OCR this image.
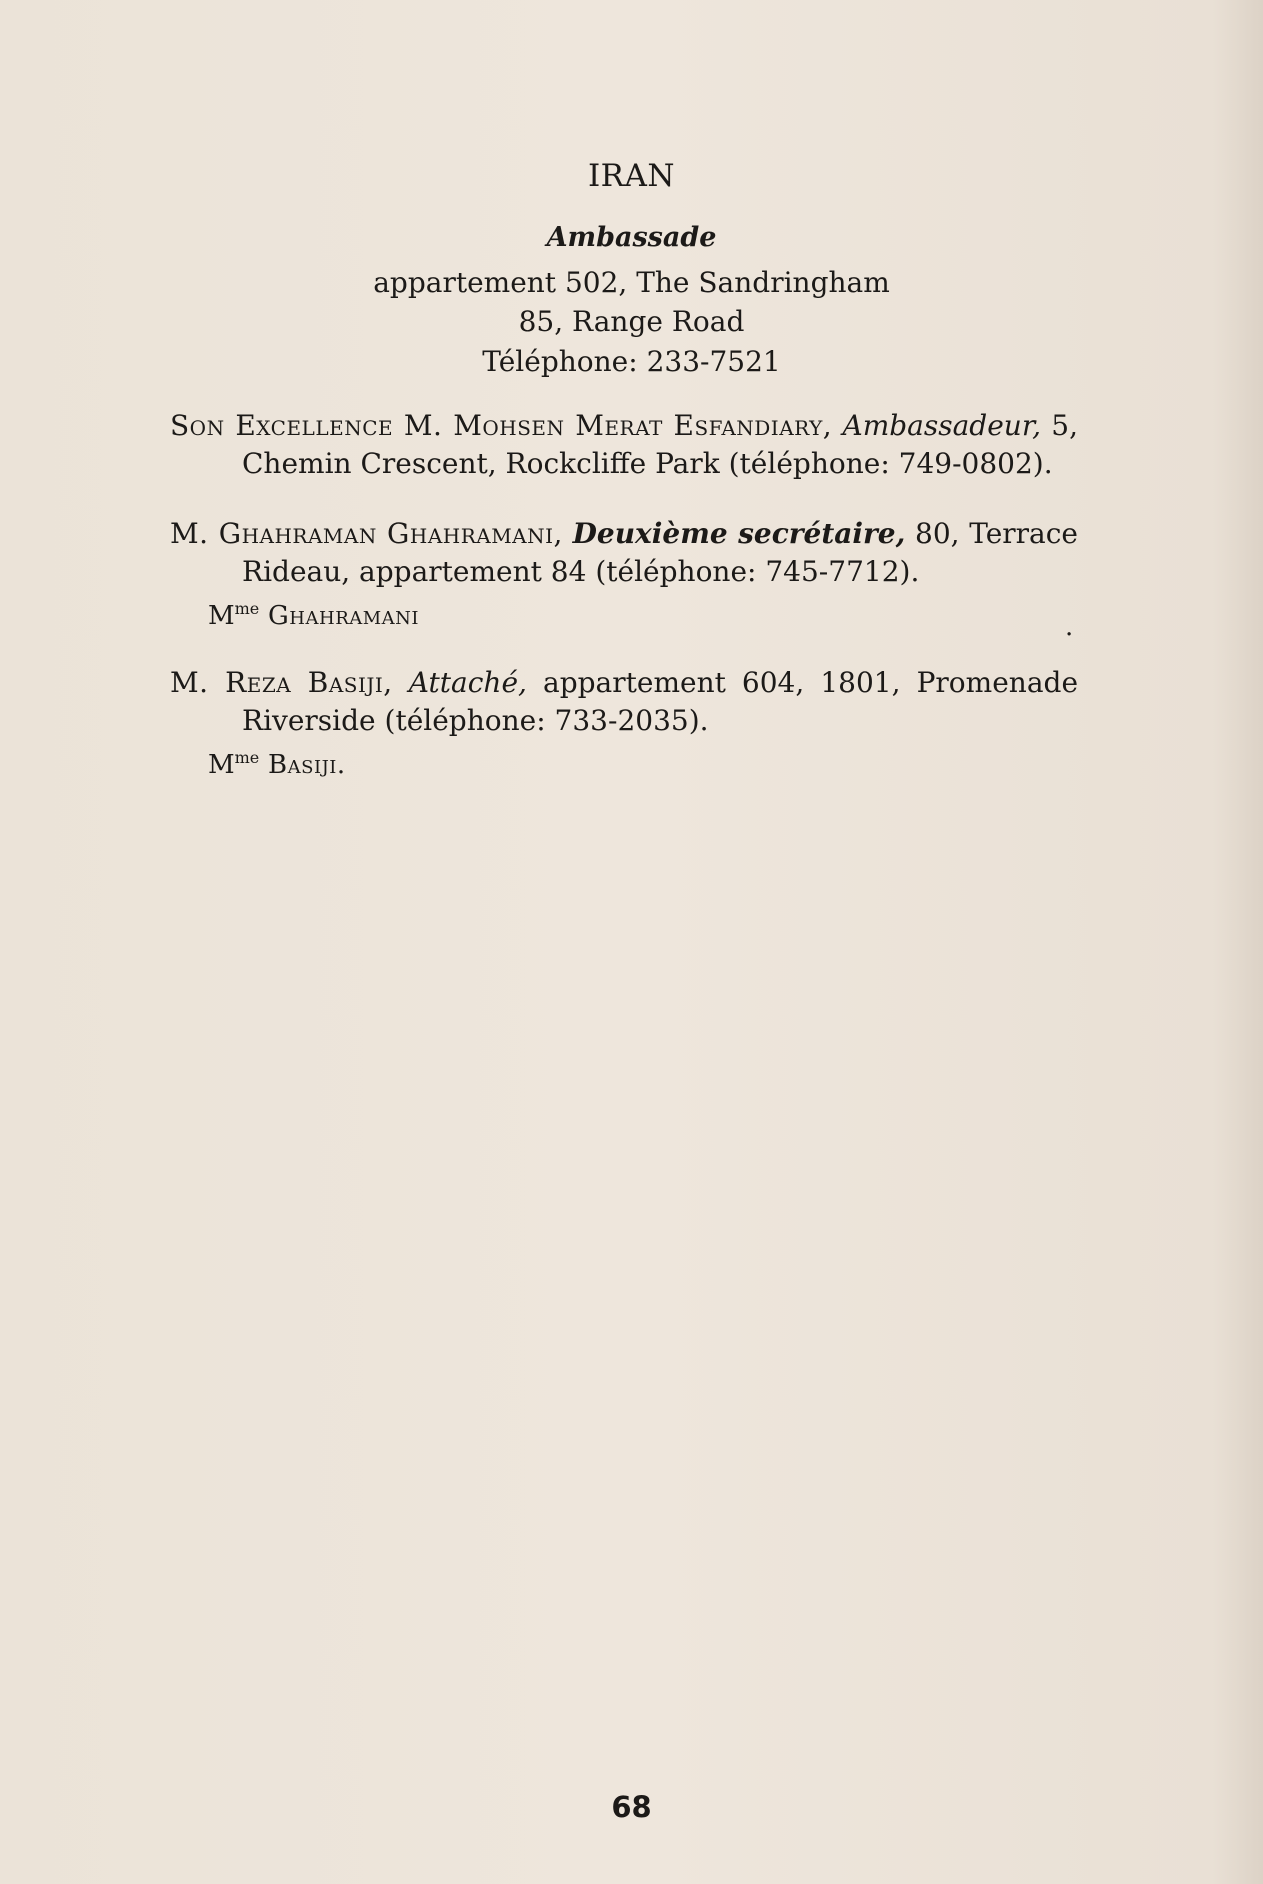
IRAN
Ambassade
appartement 502, The Sandringham
85, Range Road
Téléphone: 233-7521
Son Excellence M. Mohsen Merat Esfandiary, Ambassadeur, 5, Chemin Crescent, Rockcliffe Park (téléphone: 749-0802).
M. Ghahraman Ghahramani, Deuxième secrétaire, 80, Terrace Rideau, appartement 84 (téléphone: 745-7712).
$M^{me}$ Ghahramani
M. Reza Basiji, Attaché, appartement 604, 1801, Promenade Riverside (téléphone: 733-2035).
$M^{me}$ Basiji.
·
68
